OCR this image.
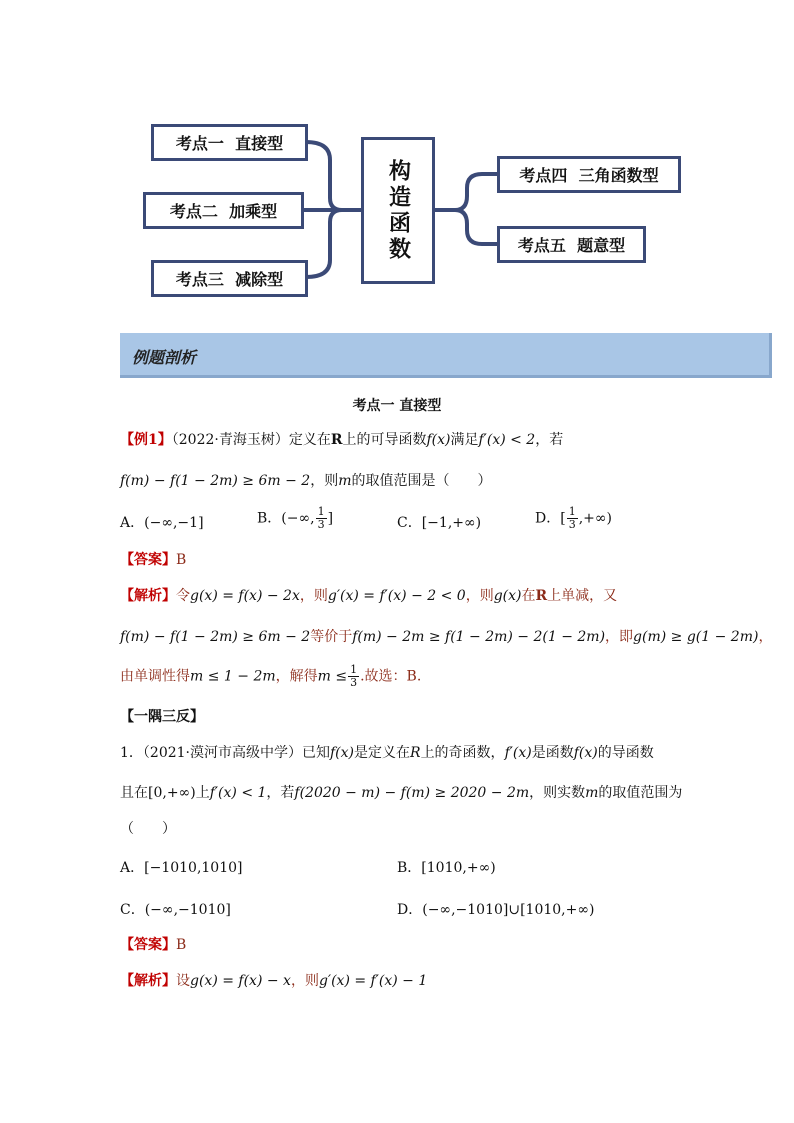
考点一  直接型
考点二  加乘型
考点三  减除型
构造函数	考点四  三角函数型
考点五  题意型
例题剖析
考点一 直接型
【例1】（2022·青海玉树）定义在R上的可导函数f(x)满足f′(x) < 2，若
f(m) − f(1 − 2m) ≥ 6m − 2，则m的取值范围是（　　）
A．(−∞,−1]	B．(−∞, $\frac{1}{3}$ ]	C．[−1,+∞)	D．[ $\frac{1}{3}$ ,+∞)
【答案】B
【解析】令g(x) = f(x) − 2x，则g′(x) = f′(x) − 2 < 0，则g(x)在R上单减，又
f(m) − f(1 − 2m) ≥ 6m − 2等价于f(m) − 2m ≥ f(1 − 2m) − 2(1 − 2m)，即g(m) ≥ g(1 − 2m)，
由单调性得m ≤ 1 − 2m，解得$m \le \frac{1}{3}$ .故选：B.
【一隅三反】
1．（2021·漠河市高级中学）已知f(x)是定义在R上的奇函数，f′(x)是函数f(x)的导函数
且在[0,+∞)上f′(x) < 1，若f(2020 − m) − f(m) ≥ 2020 − 2m，则实数m的取值范围为
（　　）
A．[−1010,1010]	B．[1010,+∞)
C．(−∞,−1010]	D．(−∞,−1010]∪[1010,+∞)
【答案】B
【解析】设g(x) = f(x) − x，则g′(x) = f′(x) − 1
